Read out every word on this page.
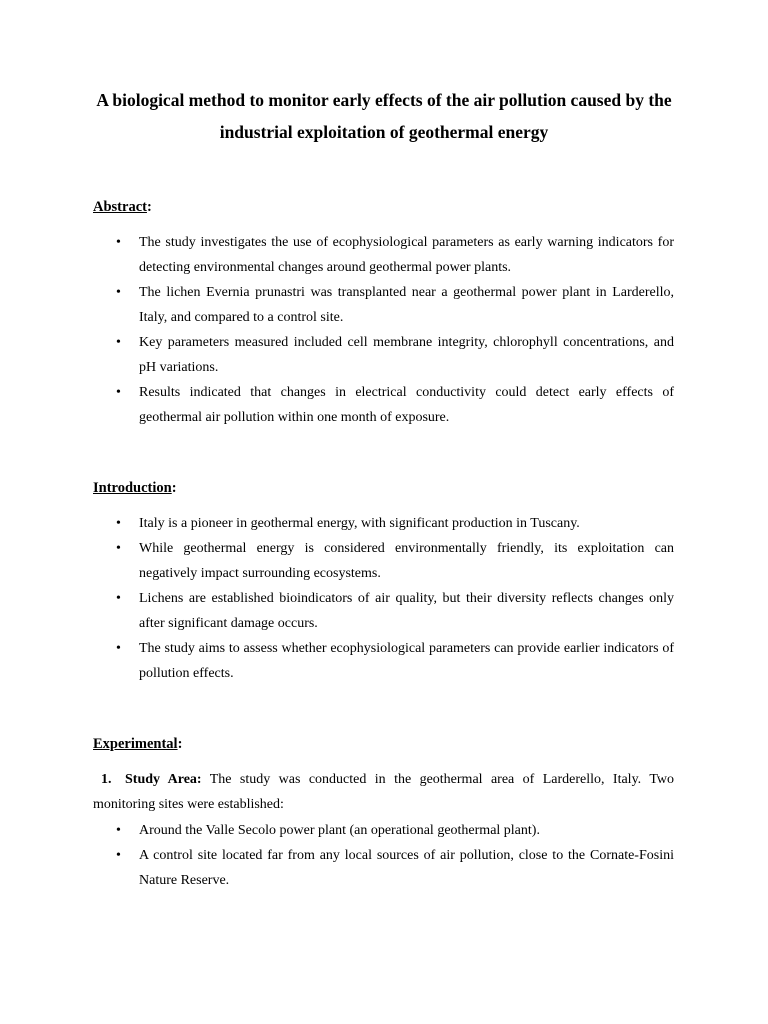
A biological method to monitor early effects of the air pollution caused by the industrial exploitation of geothermal energy

Abstract:

• The study investigates the use of ecophysiological parameters as early warning indicators for detecting environmental changes around geothermal power plants.
• The lichen Evernia prunastri was transplanted near a geothermal power plant in Larderello, Italy, and compared to a control site.
• Key parameters measured included cell membrane integrity, chlorophyll concentrations, and pH variations.
• Results indicated that changes in electrical conductivity could detect early effects of geothermal air pollution within one month of exposure.

Introduction:

• Italy is a pioneer in geothermal energy, with significant production in Tuscany.
• While geothermal energy is considered environmentally friendly, its exploitation can negatively impact surrounding ecosystems.
• Lichens are established bioindicators of air quality, but their diversity reflects changes only after significant damage occurs.
• The study aims to assess whether ecophysiological parameters can provide earlier indicators of pollution effects.

Experimental:

1. Study Area: The study was conducted in the geothermal area of Larderello, Italy. Two monitoring sites were established:
• Around the Valle Secolo power plant (an operational geothermal plant).
• A control site located far from any local sources of air pollution, close to the Cornate-Fosini Nature Reserve.
